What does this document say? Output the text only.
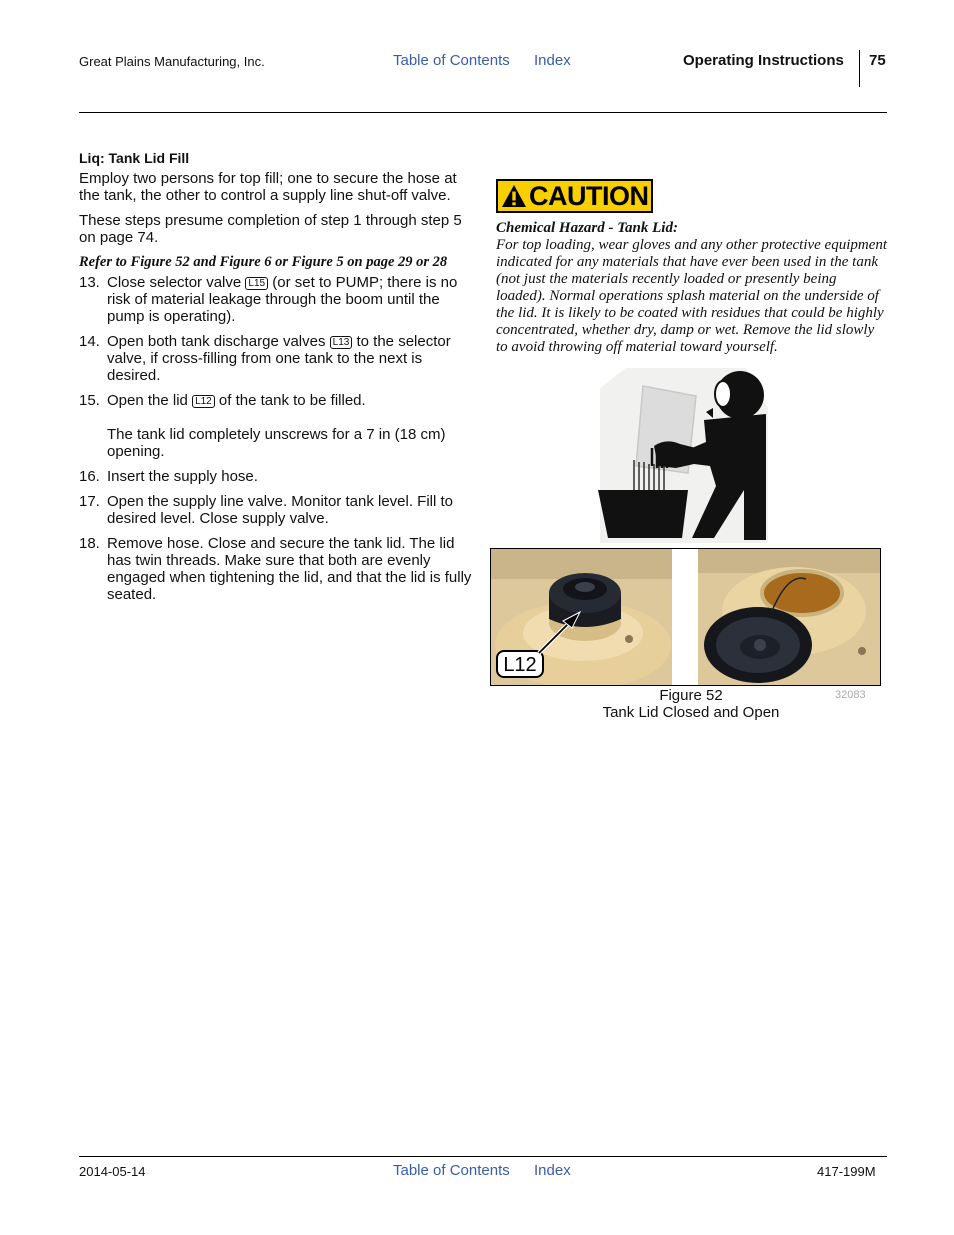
Great Plains Manufacturing, Inc.	Table of Contents Index	Operating Instructions 75
Liq: Tank Lid Fill
Employ two persons for top fill; one to secure the hose at the tank, the other to control a supply line shut-off valve.
These steps presume completion of step 1 through step 5 on page 74.
Refer to Figure 52 and Figure 6 or Figure 5 on page 29 or 28
13. Close selector valve L15 (or set to PUMP; there is no risk of material leakage through the boom until the pump is operating).
14. Open both tank discharge valves L13 to the selector valve, if cross-filling from one tank to the next is desired.
15. Open the lid L12 of the tank to be filled.
The tank lid completely unscrews for a 7 in (18 cm) opening.
16. Insert the supply hose.
17. Open the supply line valve. Monitor tank level. Fill to desired level. Close supply valve.
18. Remove hose. Close and secure the tank lid. The lid has twin threads. Make sure that both are evenly engaged when tightening the lid, and that the lid is fully seated.
CAUTION
Chemical Hazard - Tank Lid:
For top loading, wear gloves and any other protective equipment indicated for any materials that have ever been used in the tank (not just the materials recently loaded or presently being loaded). Normal operations splash material on the underside of the lid. It is likely to be coated with residues that could be highly concentrated, whether dry, damp or wet. Remove the lid slowly to avoid throwing off material toward yourself.
L12
Figure 52
Tank Lid Closed and Open
32083
2014-05-14	Table of Contents Index	417-199M
